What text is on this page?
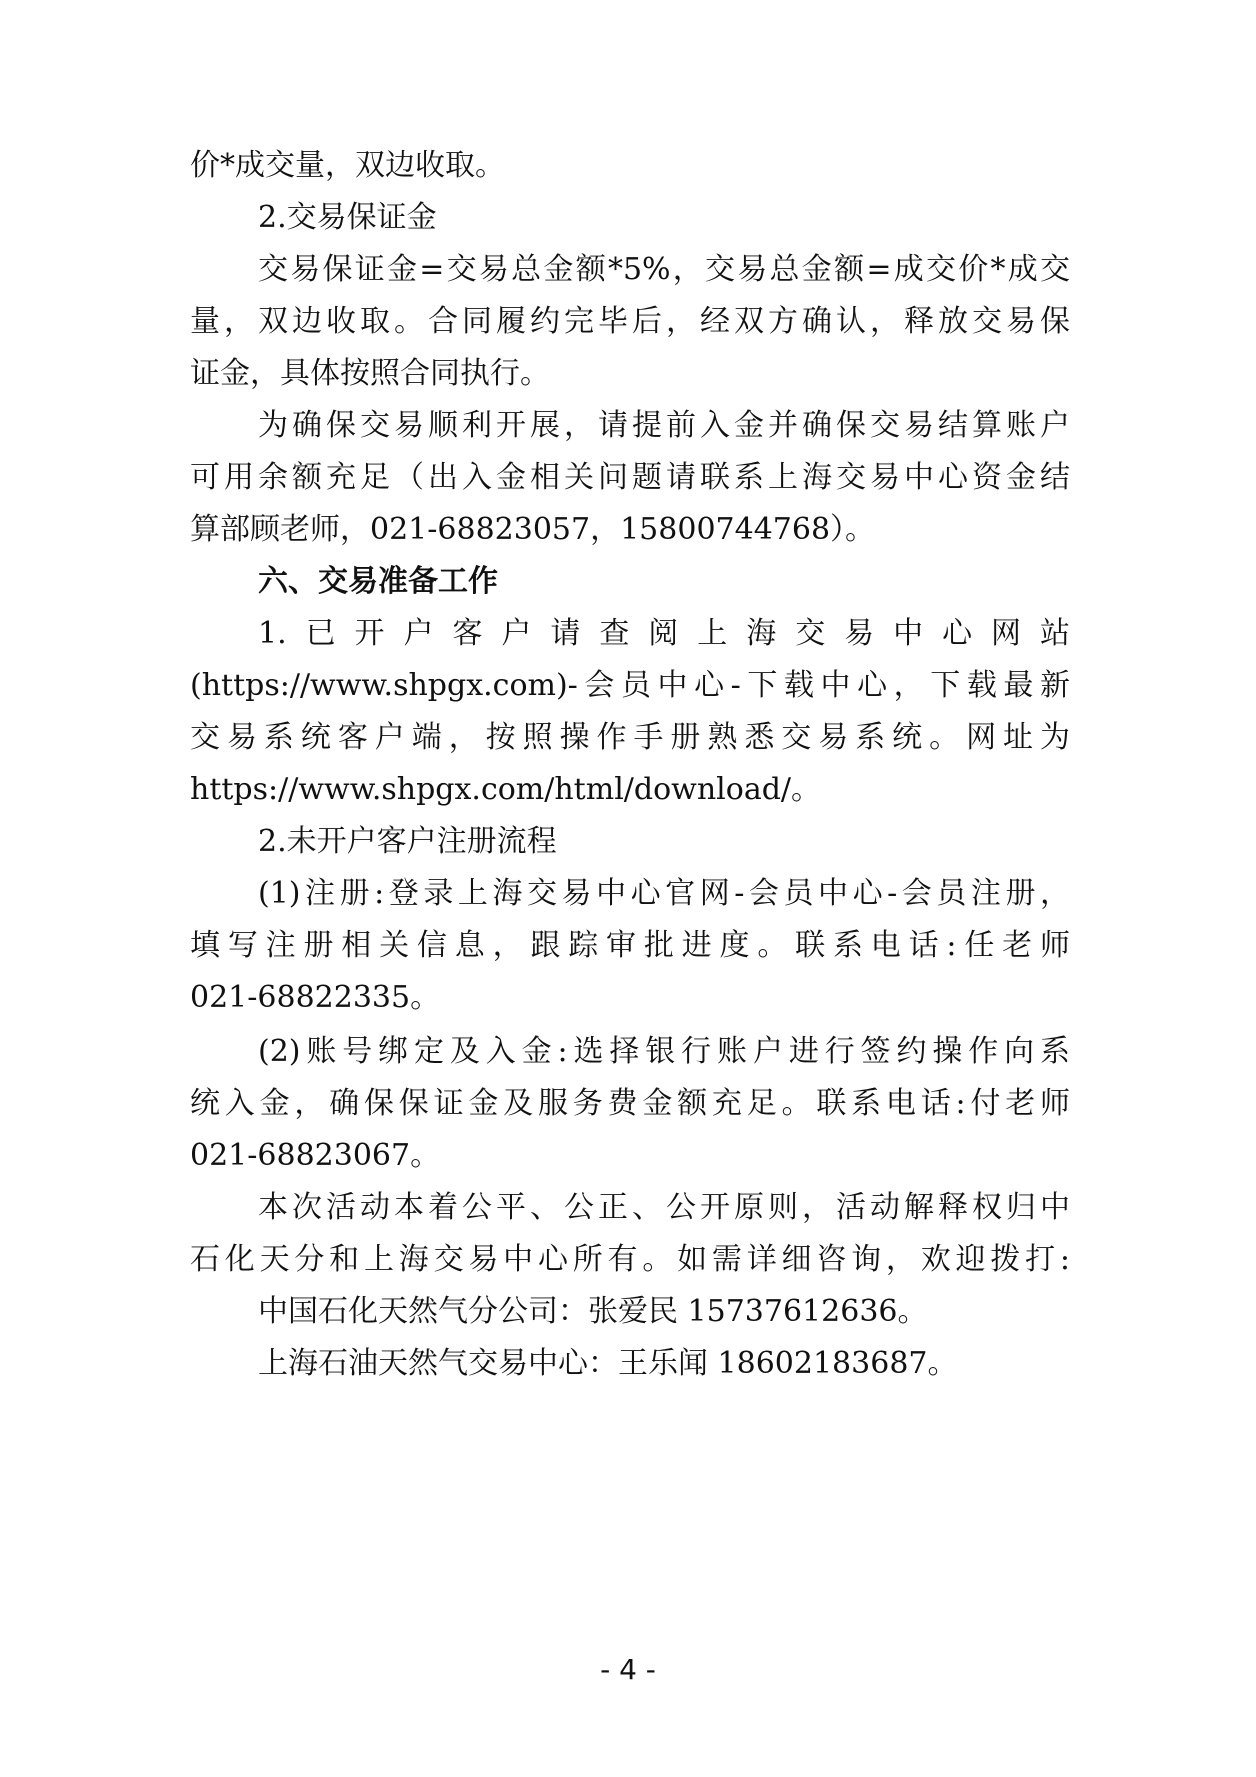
价*成交量，双边收取。
2.交易保证金
交易保证金=交易总金额*5%，交易总金额=成交价*成交
量，双边收取。合同履约完毕后，经双方确认，释放交易保
证金，具体按照合同执行。
为确保交易顺利开展，请提前入金并确保交易结算账户
可用余额充足（出入金相关问题请联系上海交易中心资金结
算部顾老师，021-68823057，15800744768）。
六、交易准备工作
1.已开户客户请查阅上海交易中心网站
(https://www.shpgx.com)-会员中心-下载中心，下载最新
交易系统客户端，按照操作手册熟悉交易系统。网址为
https://www.shpgx.com/html/download/。
2.未开户客户注册流程
(1)注册:登录上海交易中心官网-会员中心-会员注册，
填写注册相关信息，跟踪审批进度。联系电话:任老师
021-68822335。
(2)账号绑定及入金:选择银行账户进行签约操作向系
统入金，确保保证金及服务费金额充足。联系电话:付老师
021-68823067。
本次活动本着公平、公正、公开原则，活动解释权归中
石化天分和上海交易中心所有。如需详细咨询，欢迎拨打:
中国石化天然气分公司：张爱民 15737612636。
上海石油天然气交易中心：王乐闻 18602183687。
- 4 -
